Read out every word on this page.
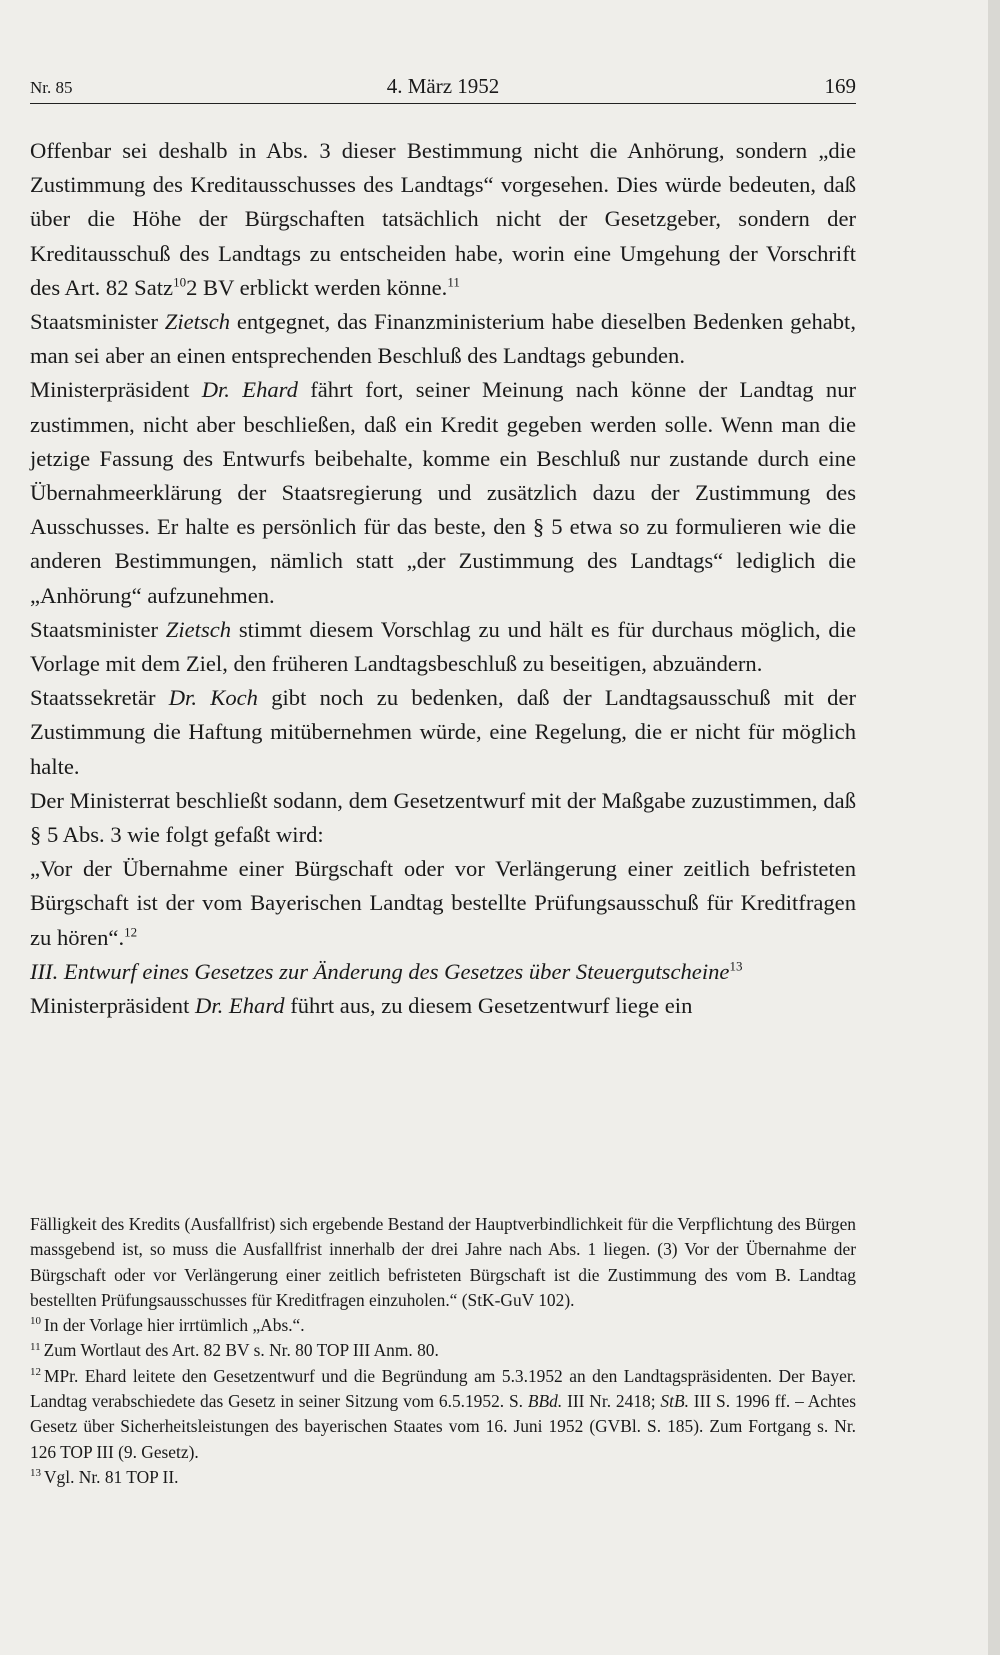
Nr. 85	4. März 1952	169

Offenbar sei deshalb in Abs. 3 dieser Bestimmung nicht die Anhörung, sondern „die Zustimmung des Kreditausschusses des Landtags“ vorgesehen. Dies würde bedeuten, daß über die Höhe der Bürgschaften tatsächlich nicht der Gesetzgeber, sondern der Kreditausschuß des Landtags zu entscheiden habe, worin eine Umgehung der Vorschrift des Art. 82 Satz$^{10}$2 BV erblickt werden könne.$^{11}$

Staatsminister Zietsch entgegnet, das Finanzministerium habe dieselben Bedenken gehabt, man sei aber an einen entsprechenden Beschluß des Landtags gebunden.

Ministerpräsident Dr. Ehard fährt fort, seiner Meinung nach könne der Landtag nur zustimmen, nicht aber beschließen, daß ein Kredit gegeben werden solle. Wenn man die jetzige Fassung des Entwurfs beibehalte, komme ein Beschluß nur zustande durch eine Übernahmeerklärung der Staatsregierung und zusätzlich dazu der Zustimmung des Ausschusses. Er halte es persönlich für das beste, den § 5 etwa so zu formulieren wie die anderen Bestimmungen, nämlich statt „der Zustimmung des Landtags“ lediglich die „Anhörung“ aufzunehmen.

Staatsminister Zietsch stimmt diesem Vorschlag zu und hält es für durchaus möglich, die Vorlage mit dem Ziel, den früheren Landtagsbeschluß zu beseitigen, abzuändern.

Staatssekretär Dr. Koch gibt noch zu bedenken, daß der Landtagsausschuß mit der Zustimmung die Haftung mitübernehmen würde, eine Regelung, die er nicht für möglich halte.

Der Ministerrat beschließt sodann, dem Gesetzentwurf mit der Maßgabe zuzustimmen, daß § 5 Abs. 3 wie folgt gefaßt wird:

„Vor der Übernahme einer Bürgschaft oder vor Verlängerung einer zeitlich befristeten Bürgschaft ist der vom Bayerischen Landtag bestellte Prüfungsausschuß für Kreditfragen zu hören“.$^{12}$

III. Entwurf eines Gesetzes zur Änderung des Gesetzes über Steuergutscheine$^{13}$

Ministerpräsident Dr. Ehard führt aus, zu diesem Gesetzentwurf liege ein

Fälligkeit des Kredits (Ausfallfrist) sich ergebende Bestand der Hauptverbindlichkeit für die Verpflichtung des Bürgen massgebend ist, so muss die Ausfallfrist innerhalb der drei Jahre nach Abs. 1 liegen. (3) Vor der Übernahme der Bürgschaft oder vor Verlängerung einer zeitlich befristeten Bürgschaft ist die Zustimmung des vom B. Landtag bestellten Prüfungsausschusses für Kreditfragen einzuholen.“ (StK-GuV 102).

$^{10}$ In der Vorlage hier irrtümlich „Abs.“.

$^{11}$ Zum Wortlaut des Art. 82 BV s. Nr. 80 TOP III Anm. 80.

$^{12}$ MPr. Ehard leitete den Gesetzentwurf und die Begründung am 5.3.1952 an den Landtagspräsidenten. Der Bayer. Landtag verabschiedete das Gesetz in seiner Sitzung vom 6.5.1952. S. BBd. III Nr. 2418; StB. III S. 1996 ff. – Achtes Gesetz über Sicherheitsleistungen des bayerischen Staates vom 16. Juni 1952 (GVBl. S. 185). Zum Fortgang s. Nr. 126 TOP III (9. Gesetz).

$^{13}$ Vgl. Nr. 81 TOP II.
